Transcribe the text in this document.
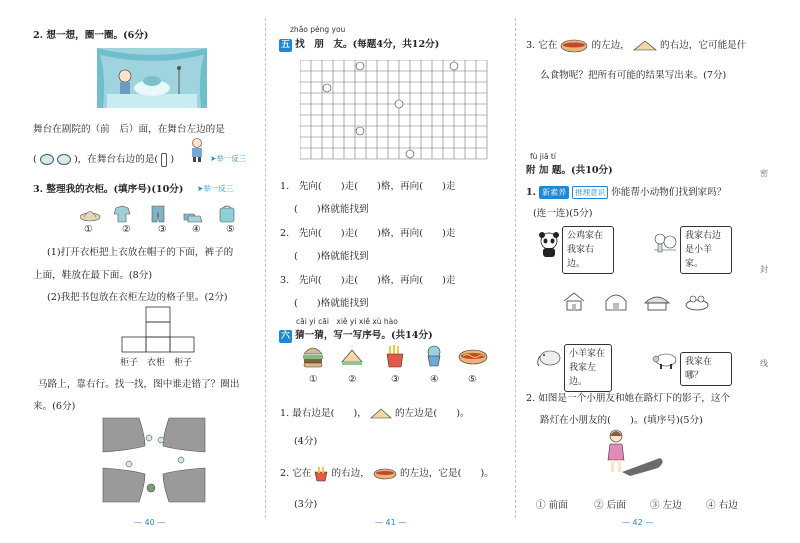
2. 想一想，圈一圈。(6分)
舞台在剧院的（前　后）面，在舞台左边的是
(	)，在舞台右边的是( )	➤举一反三
3. 整理我的衣柜。(填序号)(10分) ➤举一反三
①	②	③	④	⑤
(1)打开衣柜把上衣放在帽子的下面，裤子的
上面，鞋放在最下面。(8分)
(2)我把书包放在衣柜左边的格子里。(2分)
柜子 衣柜 柜子
马路上，靠右行。找一找，图中谁走错了？圈出
来。(6分)
— 40 —
zhǎo péng you
五 找　朋　友。(每题4分，共12分)
1.　先向(　　)走(　　)格，再向(　　)走
(　　)格就能找到
2.　先向(　　)走(　　)格，再向(　　)走
(　　)格就能找到
3.　先向(　　)走(　　)格，再向(　　)走
(　　)格就能找到
cāi yi cāi　xiě yi xiě xù hào
六 猜一猜，写一写序号。(共14分)
①	②	③	④	⑤
1. 最右边是(　　)，	的左边是(　　)。
(4分)
2. 它在 的右边，	的左边，它是(　　)。
(3分)
— 41 —
3. 它在	的左边，	的右边，它可能是什
么食物呢？把所有可能的结果写出来。(7分)
fù jiā tí
附 加 题。(共10分)
1. 新素养 推理意识 你能帮小动物们找到家吗？
(连一连)(5分)
公鸡家在我家右边。
我家右边是小羊家。
小羊家在我家左边。
我家在哪？
2. 如图是一个小朋友和她在路灯下的影子，这个
路灯在小朋友的(　　)。(填序号)(5分)
① 前面	② 后面	③ 左边	④ 右边
— 42 —
密
封
线
